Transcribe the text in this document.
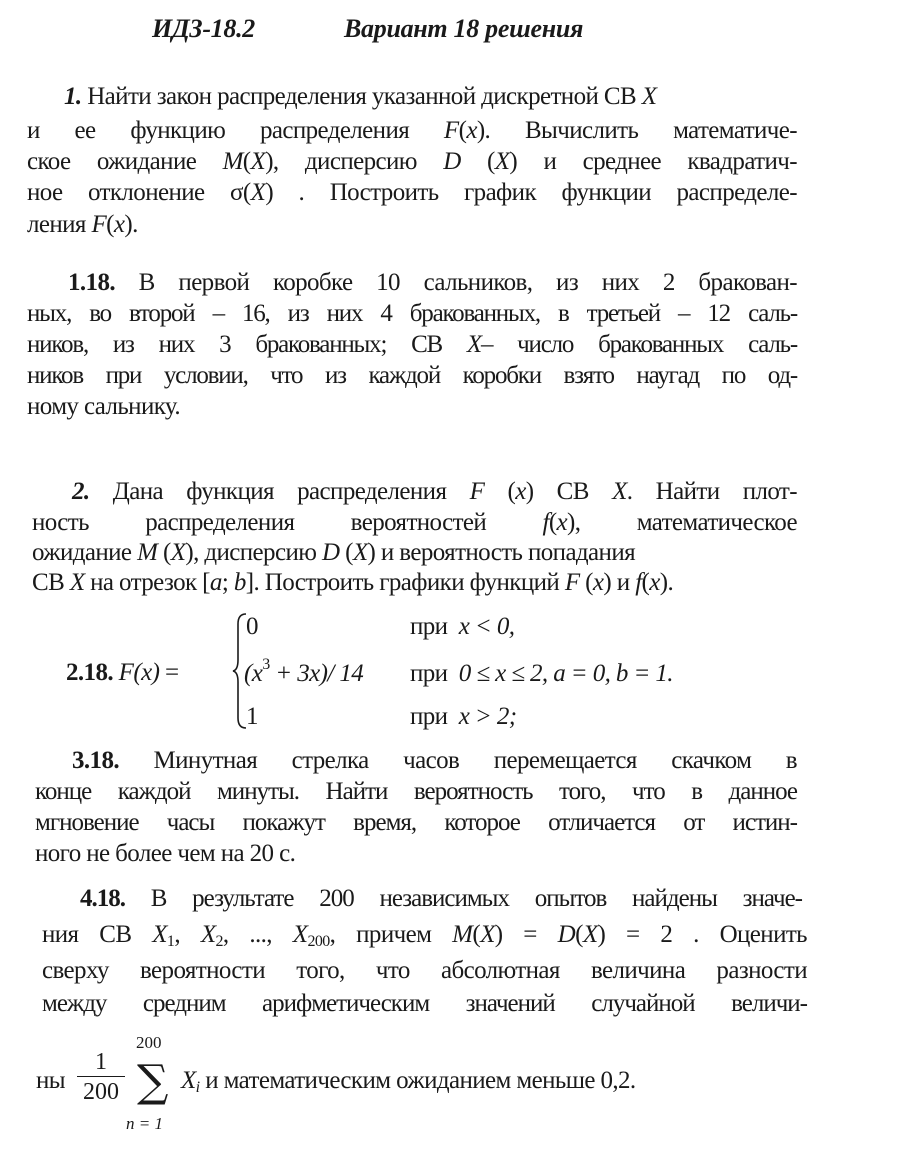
ИДЗ-18.2	Вариант 18 решения
1. Найти закон распределения указанной дискретной СВ X
и ее функцию распределения F(x). Вычислить математиче-
ское ожидание M(X), дисперсию D (X) и среднее квадратич-
ное отклонение σ(X) . Построить график функции распределе-
ления F(x).
1.18. В первой коробке 10 сальников, из них 2 бракован-
ных, во второй – 16, из них 4 бракованных, в третьей – 12 саль-
ников, из них 3 бракованных; СВ X– число бракованных саль-
ников при условии, что из каждой коробки взято наугад по од-
ному сальнику.
2. Дана функция распределения F (x) СВ X. Найти плот-
ность распределения вероятностей f(x), математическое
ожидание M (X), дисперсию D (X) и вероятность попадания
СВ X на отрезок [a; b]. Построить графики функций F (x) и f(x).
2.18. F(x) =
0	при x < 0,
$(x^3 + 3x)/$ 14 при 0 ≤ x ≤ 2, a = 0, b = 1.
1	при x > 2;
3.18. Минутная стрелка часов перемещается скачком в
конце каждой минуты. Найти вероятность того, что в данное
мгновение часы покажут время, которое отличается от истин-
ного не более чем на 20 с.
4.18. В результате 200 независимых опытов найдены значе-
ния СВ $X_1$, $X_2$, ..., $X_{200}$, причем M(X) = D(X) = 2 . Оценить
сверху вероятности того, что абсолютная величина разности
между средним арифметическим значений случайной величи-
ны
1
200
200
∑
n = 1
$X_i$ и математическим ожиданием меньше 0,2.
